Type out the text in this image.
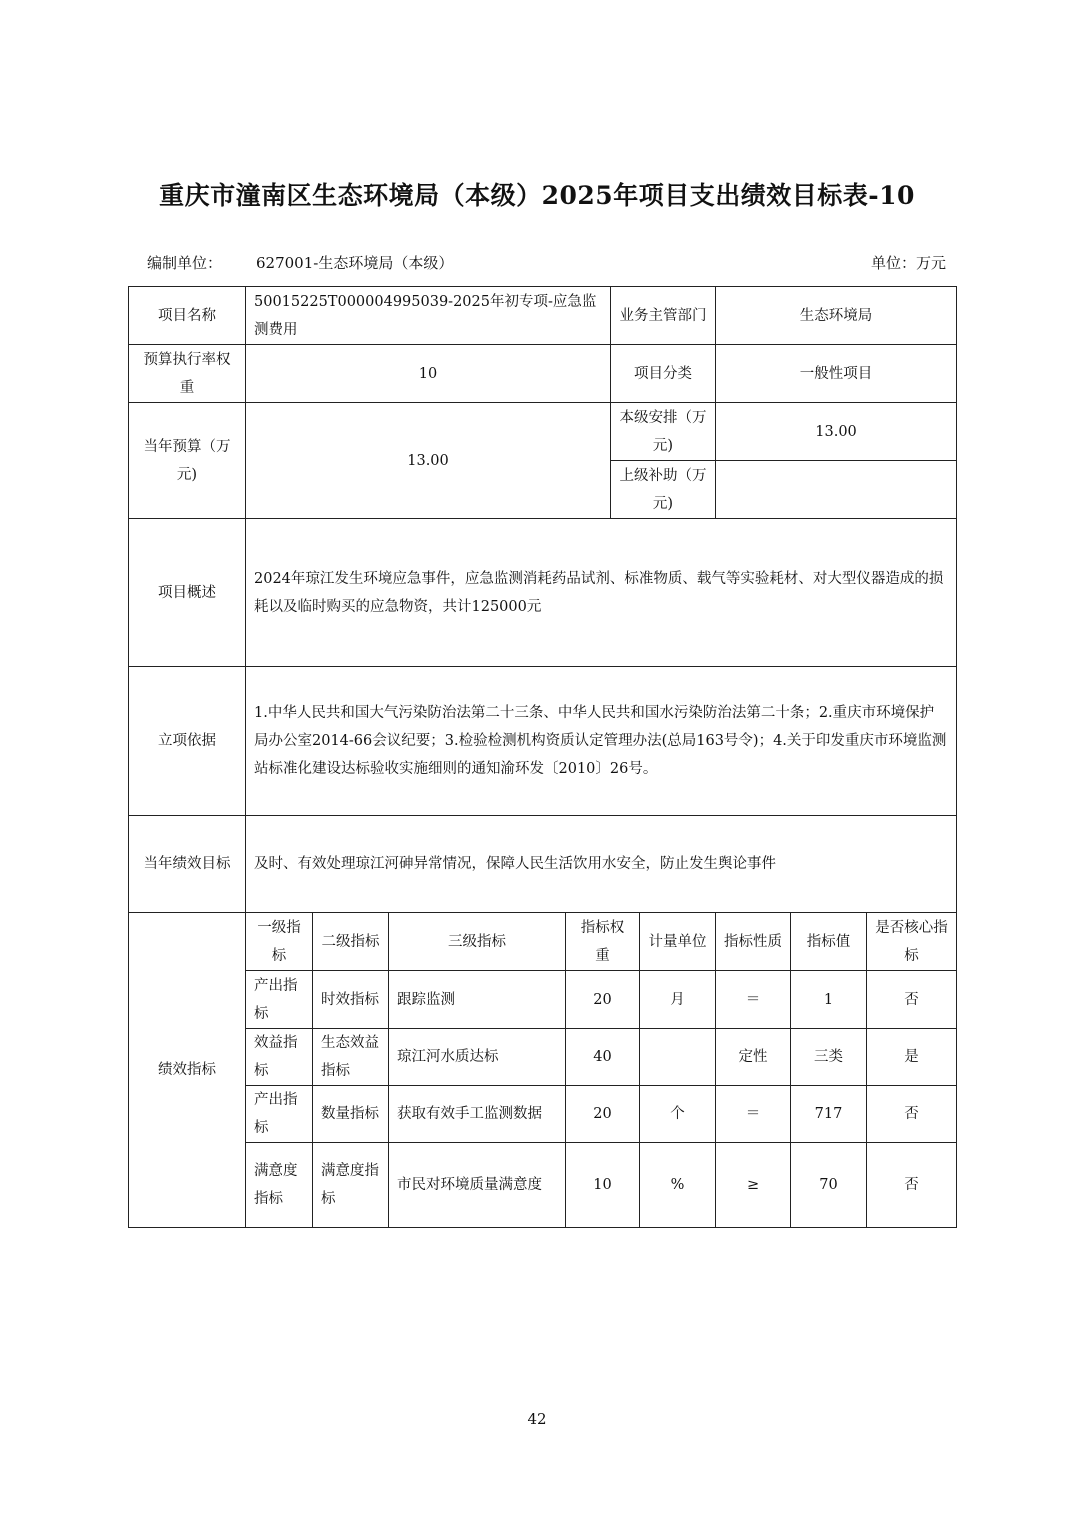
重庆市潼南区生态环境局（本级）2025年项目支出绩效目标表-10
编制单位： 627001-生态环境局（本级）	单位：万元
项目名称	50015225T000004995039-2025年初专项-应急监测费用				业务主管部门		生态环境局		
预算执行率权重	10				项目分类		一般性项目		
当年预算（万元)	13.00				本级安排（万元)		13.00		
					上级补助（万元)				
项目概述	2024年琼江发生环境应急事件，应急监测消耗药品试剂、标准物质、载气等实验耗材、对大型仪器造成的损耗以及临时购买的应急物资，共计125000元								
立项依据	1.中华人民共和国大气污染防治法第二十三条、中华人民共和国水污染防治法第二十条；2.重庆市环境保护局办公室2014-66会议纪要；3.检验检测机构资质认定管理办法(总局163号令)；4.关于印发重庆市环境监测站标准化建设达标验收实施细则的通知渝环发〔2010〕26号。								
当年绩效目标	及时、有效处理琼江河砷异常情况，保障人民生活饮用水安全，防止发生舆论事件								
绩效指标	一级指标	二级指标	三级指标	指标权重		计量单位	指标性质	指标值	是否核心指标
	产出指标	时效指标	跟踪监测	20		月	＝	1	否
	效益指标	生态效益指标	琼江河水质达标	40			定性	三类	是
	产出指标	数量指标	获取有效手工监测数据	20		个	＝	717	否
	满意度指标	满意度指标	市民对环境质量满意度	10		%	≥	70	否
42
